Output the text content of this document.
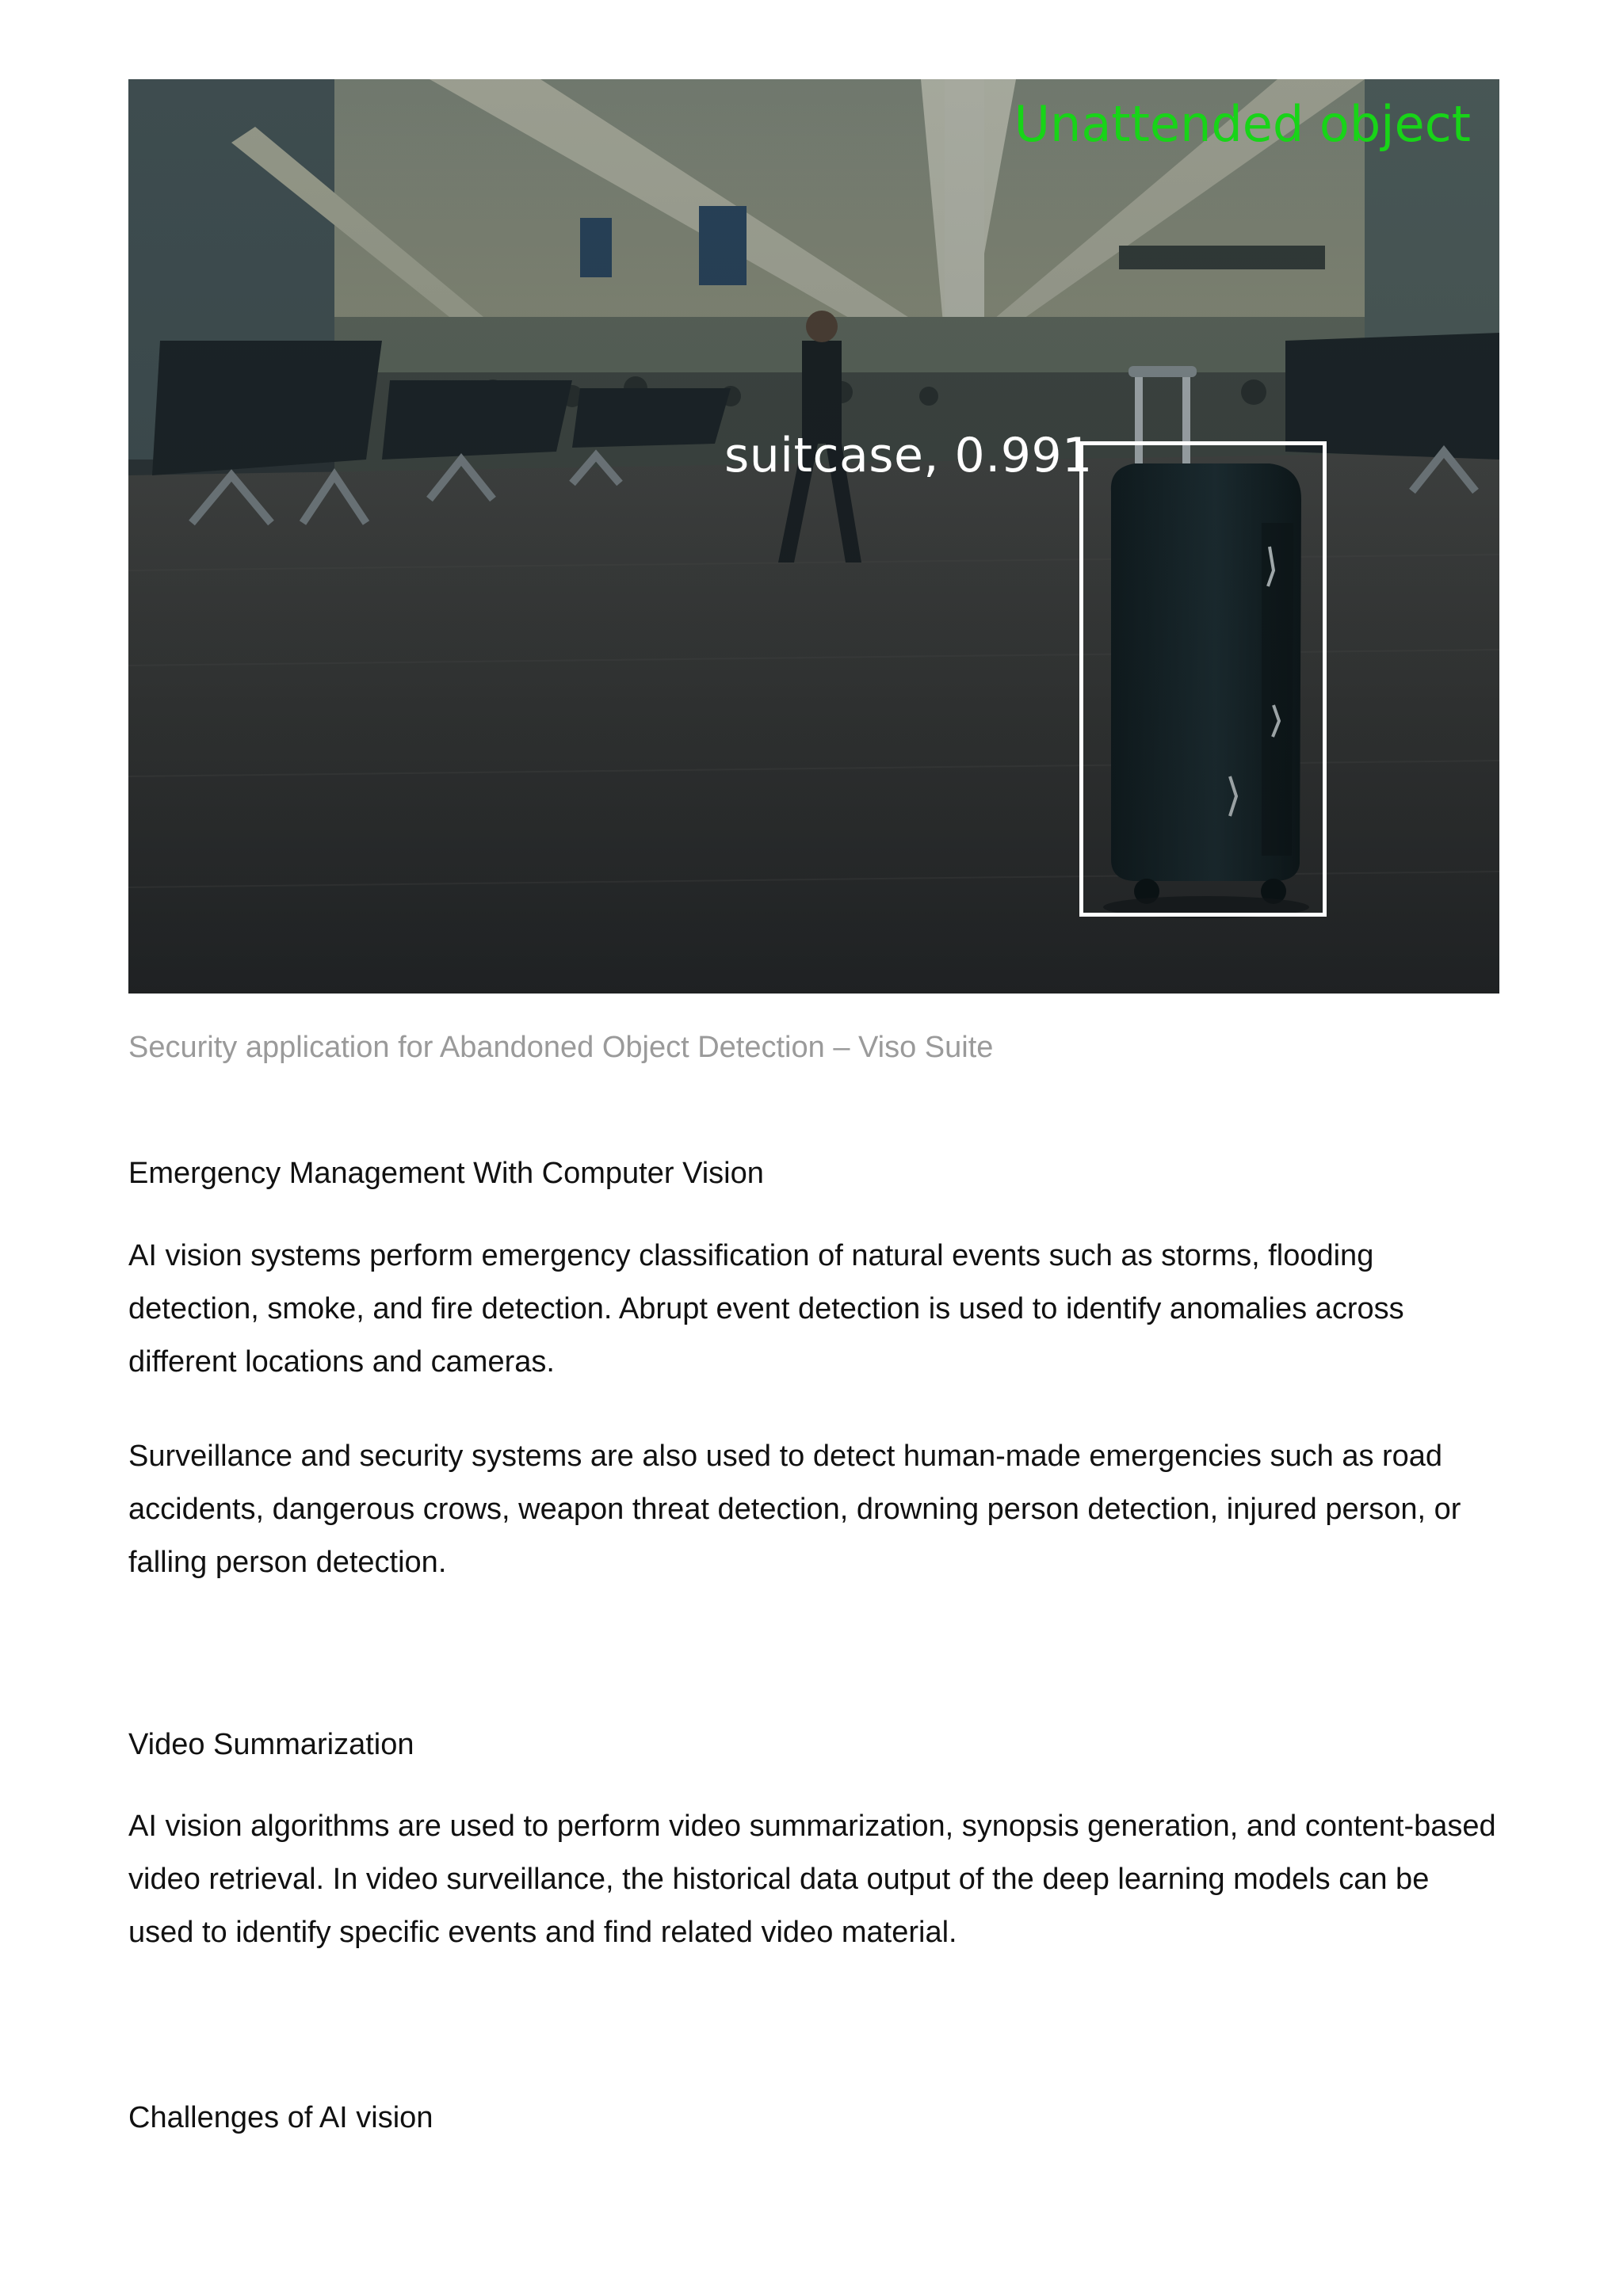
suitcase, 0.991
Unattended object
Security application for Abandoned Object Detection – Viso Suite
Emergency Management With Computer Vision

AI vision systems perform emergency classification of natural events such as storms, flooding detection, smoke, and fire detection. Abrupt event detection is used to identify anomalies across different locations and cameras.

Surveillance and security systems are also used to detect human-made emergencies such as road accidents, dangerous crows, weapon threat detection, drowning person detection, injured person, or falling person detection.

Video Summarization

AI vision algorithms are used to perform video summarization, synopsis generation, and content-based video retrieval. In video surveillance, the historical data output of the deep learning models can be used to identify specific events and find related video material.

Challenges of AI vision
